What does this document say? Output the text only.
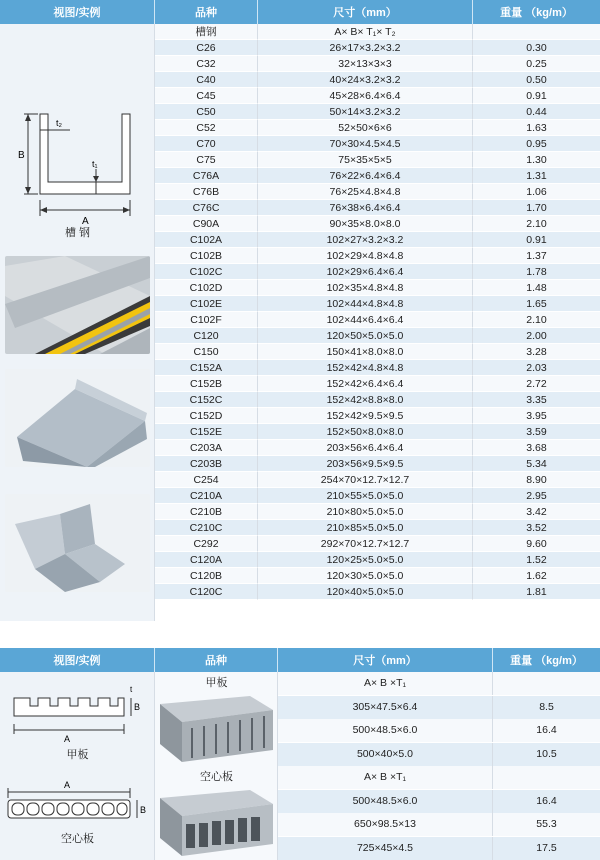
视图/实例	品种	尺寸（mm）	重量 （kg/m）
B
A
t₂
t₁
槽 钢
槽钢	A× B× T₁× T₂
C26	26×17×3.2×3.2	0.30
C32	32×13×3×3	0.25
C40	40×24×3.2×3.2	0.50
C45	45×28×6.4×6.4	0.91
C50	50×14×3.2×3.2	0.44
C52	52×50×6×6	1.63
C70	70×30×4.5×4.5	0.95
C75	75×35×5×5	1.30
C76A	76×22×6.4×6.4	1.31
C76B	76×25×4.8×4.8	1.06
C76C	76×38×6.4×6.4	1.70
C90A	90×35×8.0×8.0	2.10
C102A	102×27×3.2×3.2	0.91
C102B	102×29×4.8×4.8	1.37
C102C	102×29×6.4×6.4	1.78
C102D	102×35×4.8×4.8	1.48
C102E	102×44×4.8×4.8	1.65
C102F	102×44×6.4×6.4	2.10
C120	120×50×5.0×5.0	2.00
C150	150×41×8.0×8.0	3.28
C152A	152×42×4.8×4.8	2.03
C152B	152×42×6.4×6.4	2.72
C152C	152×42×8.8×8.0	3.35
C152D	152×42×9.5×9.5	3.95
C152E	152×50×8.0×8.0	3.59
C203A	203×56×6.4×6.4	3.68
C203B	203×56×9.5×9.5	5.34
C254	254×70×12.7×12.7	8.90
C210A	210×55×5.0×5.0	2.95
C210B	210×80×5.0×5.0	3.42
C210C	210×85×5.0×5.0	3.52
C292	292×70×12.7×12.7	9.60
C120A	120×25×5.0×5.0	1.52
C120B	120×30×5.0×5.0	1.62
C120C	120×40×5.0×5.0	1.81
视图/实例	品种	尺寸（mm）	重量 （kg/m）
A
B
t
甲板
A
B
空心板
甲板
空心板
A× B ×T₁
305×47.5×6.4	8.5
500×48.5×6.0	16.4
500×40×5.0	10.5
A× B ×T₁
500×48.5×6.0	16.4
650×98.5×13	55.3
725×45×4.5	17.5
